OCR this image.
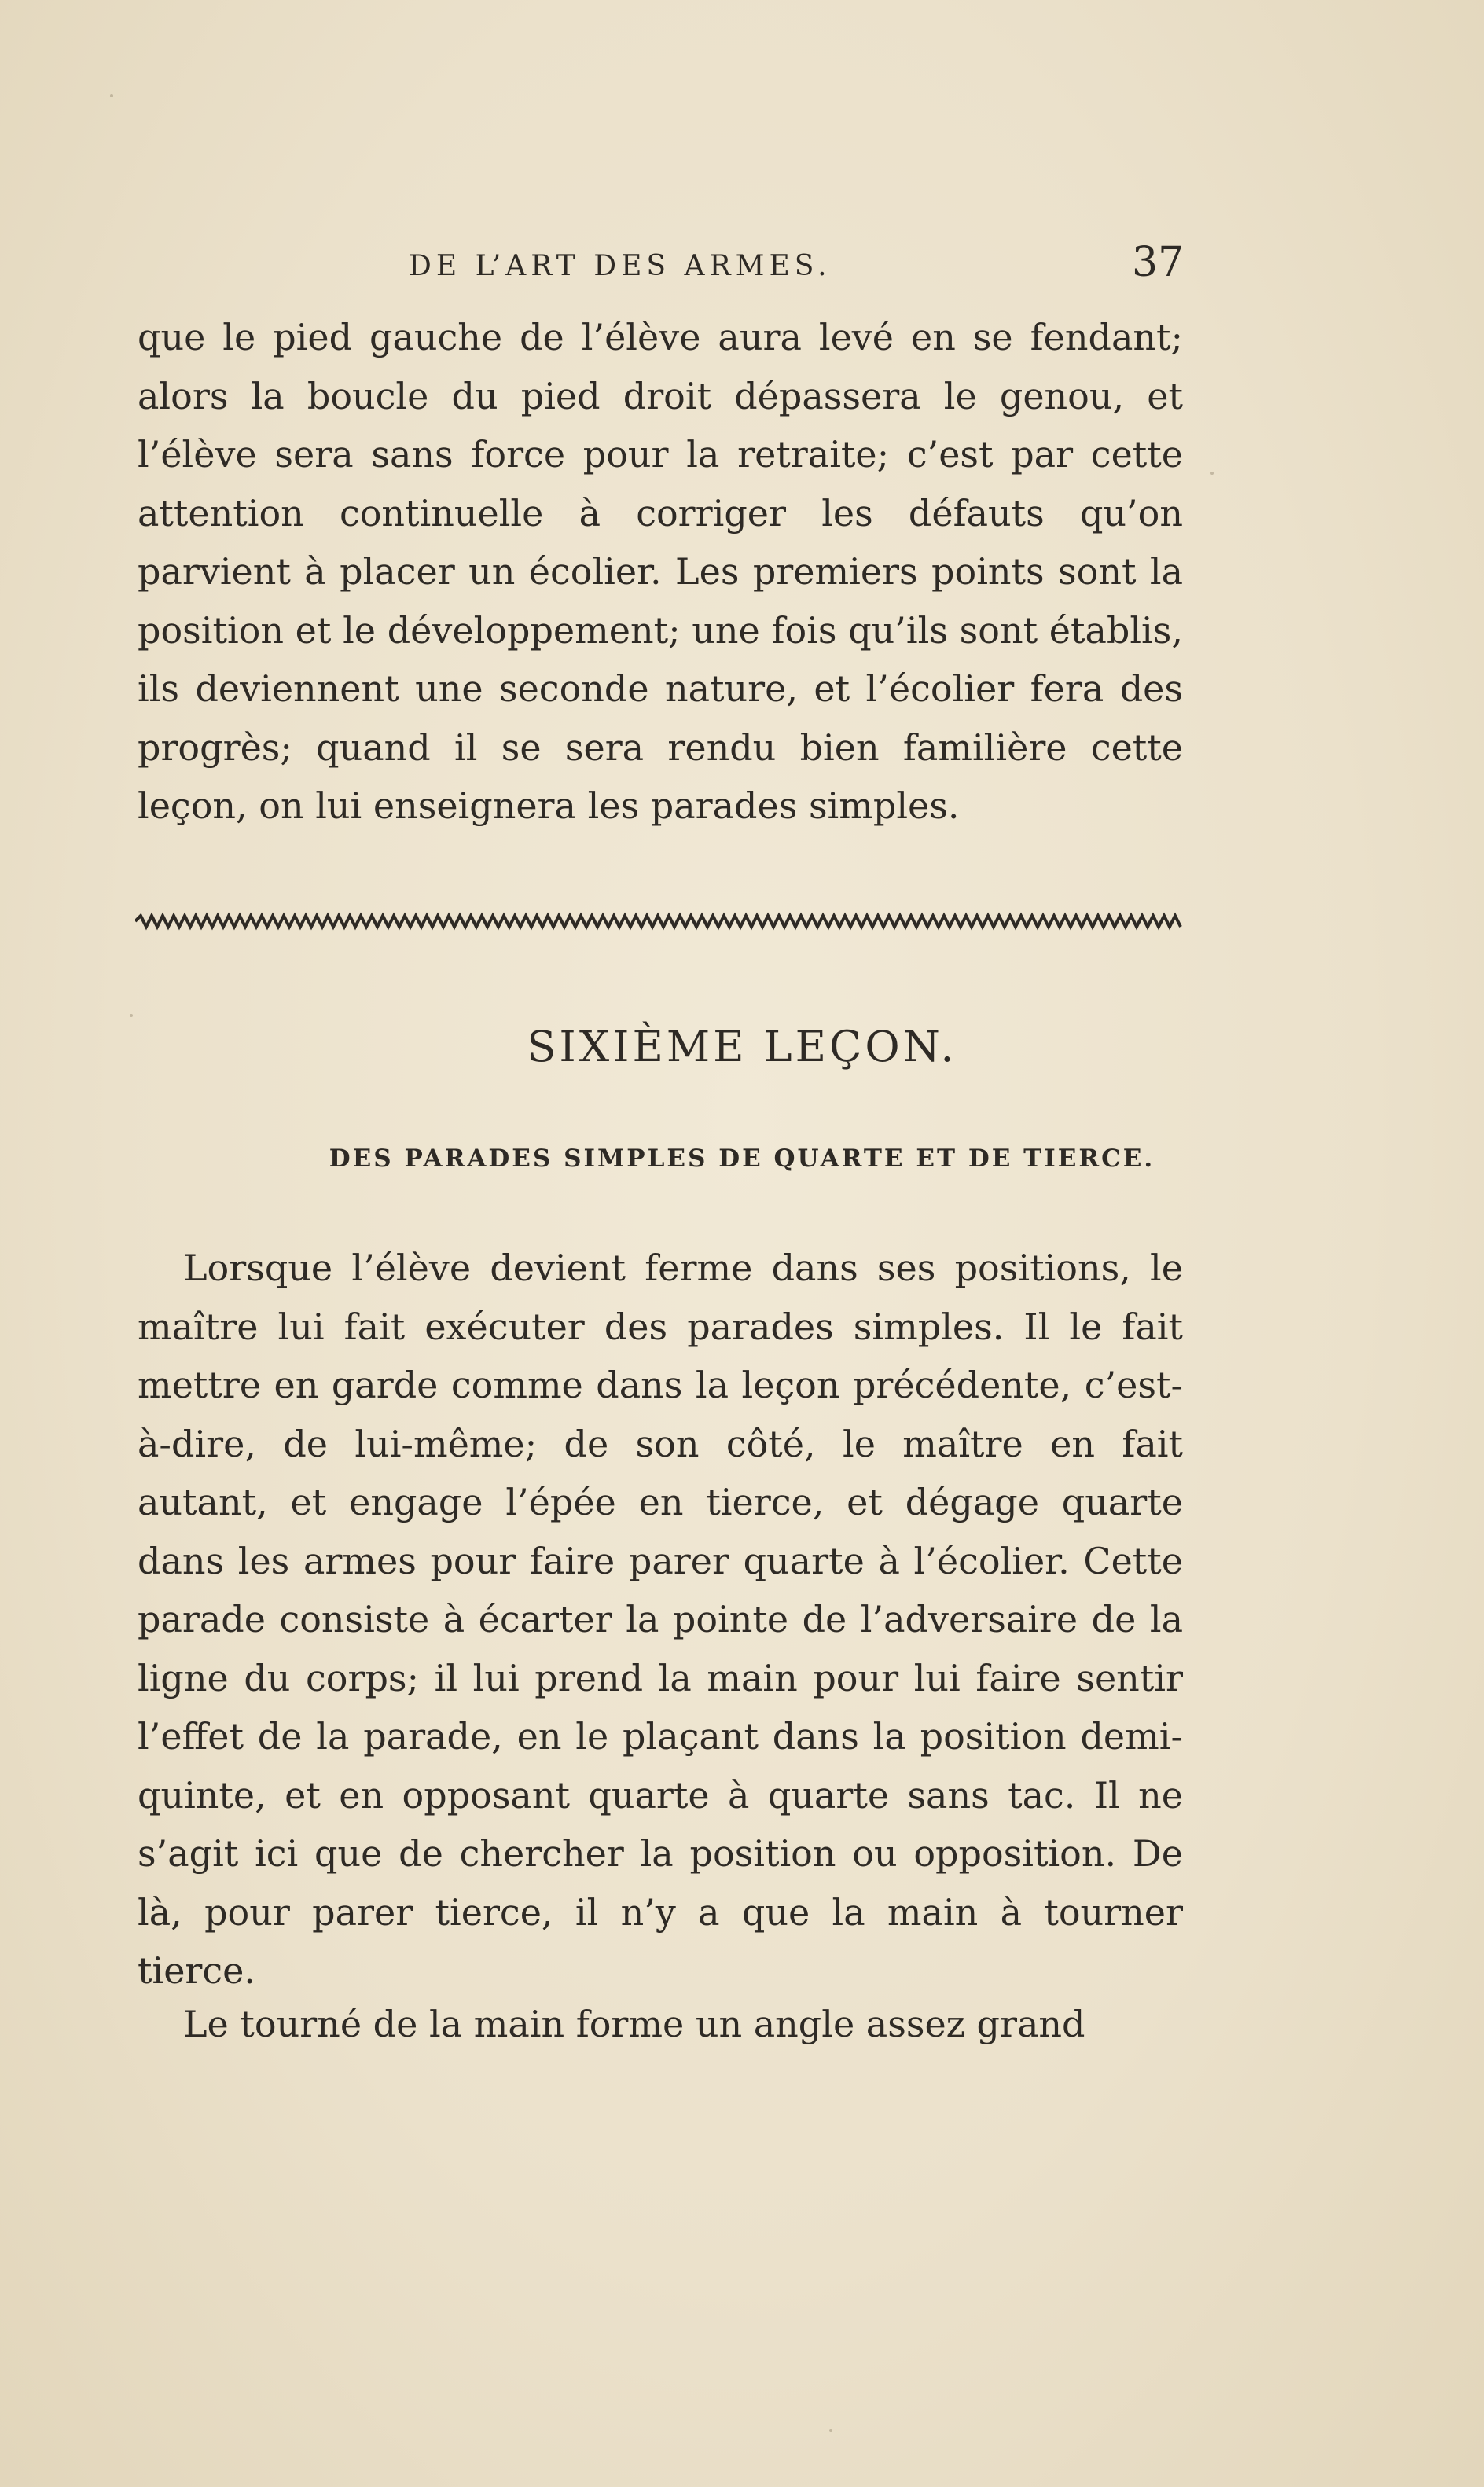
DE L’ART DES ARMES.	37

que le pied gauche de l’élève aura levé en se fendant; alors la boucle du pied droit dépassera le genou, et l’élève sera sans force pour la retraite; c’est par cette attention continuelle à corriger les défauts qu’on parvient à placer un écolier. Les premiers points sont la position et le développement; une fois qu’ils sont établis, ils deviennent une seconde nature, et l’écolier fera des progrès; quand il se sera rendu bien familière cette leçon, on lui enseignera les parades simples.

SIXIÈME LEÇON.
DES PARADES SIMPLES DE QUARTE ET DE TIERCE.

Lorsque l’élève devient ferme dans ses positions, le maître lui fait exécuter des parades simples. Il le fait mettre en garde comme dans la leçon précédente, c’est-à-dire, de lui-même; de son côté, le maître en fait autant, et engage l’épée en tierce, et dégage quarte dans les armes pour faire parer quarte à l’écolier. Cette parade consiste à écarter la pointe de l’adversaire de la ligne du corps; il lui prend la main pour lui faire sentir l’effet de la parade, en le plaçant dans la position demi-quinte, et en opposant quarte à quarte sans tac. Il ne s’agit ici que de chercher la position ou opposition. De là, pour parer tierce, il n’y a que la main à tourner tierce.

Le tourné de la main forme un angle assez grand
